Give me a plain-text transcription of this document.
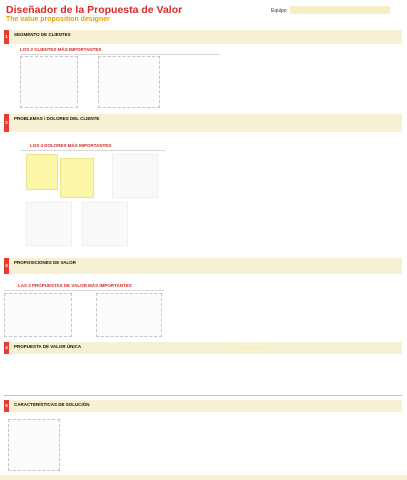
Diseñador de la Propuesta de Valor
The value proposition designer
Equipo
1 SEGMENTO DE CLIENTES
LOS 2 CLIENTES MÁS IMPORTANTES
2
PROBLEMAS / DOLORES DEL CLIENTE
LOS 4 DOLORES MÁS IMPORTANTES
3
PROPOSICIONES DE VALOR
LAS 2 PROPUESTAS DE VALOR MÁS IMPORTANTES
4 PROPUESTA DE VALOR ÚNICA
5 CARACTERÍSTICAS DE SOLUCIÓN
